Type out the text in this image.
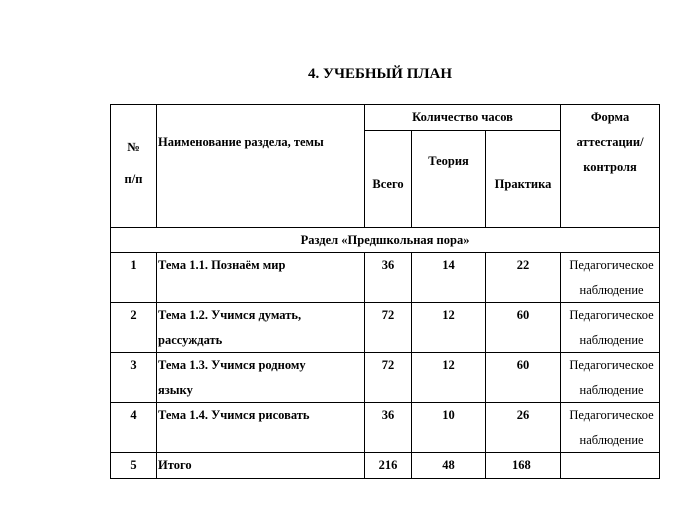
4. УЧЕБНЫЙ ПЛАН
№
п/п	Наименование раздела, темы	Количество часов			Форма
аттестации/
контроля

		Всего	Теория	Практика	
Раздел «Предшкольная пора»					
1	Тема 1.1. Познаём мир	36	14	22	Педагогическое
наблюдение

2	Тема 1.2. Учимся думать,
рассуждать	72	12	60	Педагогическое
наблюдение

3	Тема 1.3. Учимся родному
языку	72	12	60	Педагогическое
наблюдение

4	Тема 1.4. Учимся рисовать	36	10	26	Педагогическое
наблюдение

5	Итого	216	48	168	
